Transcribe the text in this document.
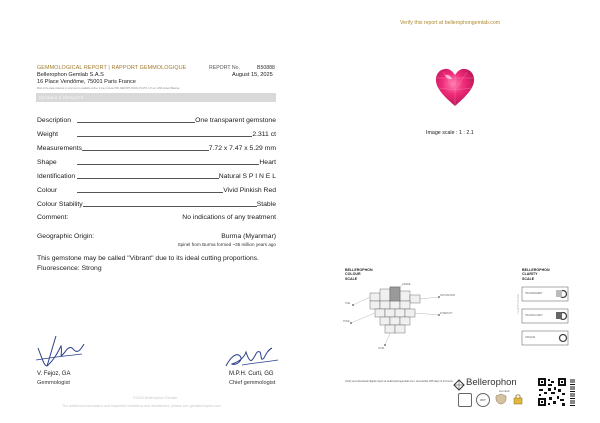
Verify this report at bellerophongemlab.com
GEMMOLOGICAL REPORT | RAPPORT GEMMOLOGIQUE	REPORT No.	B50888
Bellerophon Gemlab S.A.S	August 15, 2025
16 Place Vendôme, 75001 Paris France
Most of the data collected on your item is available online. It may include PDF, REPORT, RUGS, PLOTS, UV etc. LINK protect Bacicas
DETAILS & RESULTS
Description	One transparent gemstone
Weight	2.311 ct
Measurements	7.72 x 7.47 x 5.29 mm
Shape	Heart
Identification	Natural S P I N E L
Colour	Vivid Pinkish Red
Colour Stability	Stable
Comment:	No indications of any treatment
Geographic Origin:	Burma (Myanmar)
Spinel from Burma formed ~35 million years ago
This gemstone may be called "Vibrant" due to its ideal cutting proportions.
Fluorescence: Strong
V. Fejoz, GA
Gemmologist
M.P.H. Curti, GG
Chief gemmologist
©2025 Bellerophon Gemlab
The additional information and important limitations and disclaimers, please see gemlabrecipes.com
Image scale : 1 : 2.1
BELLEROPHON
COLOUR
SCALE
HUE
TONE
SATURATION
INTENSITY
VIVID
GRADE
BELLEROPHON
CLARITY
SCALE
CLARITY SCALE
TRANSPARENT
TRANSLUCENT
OPAQUE
Verify and download digital report at bellerophongemlab.com. Accessible 365 days & 24 hours Bellerophon
Gemlab
360°
